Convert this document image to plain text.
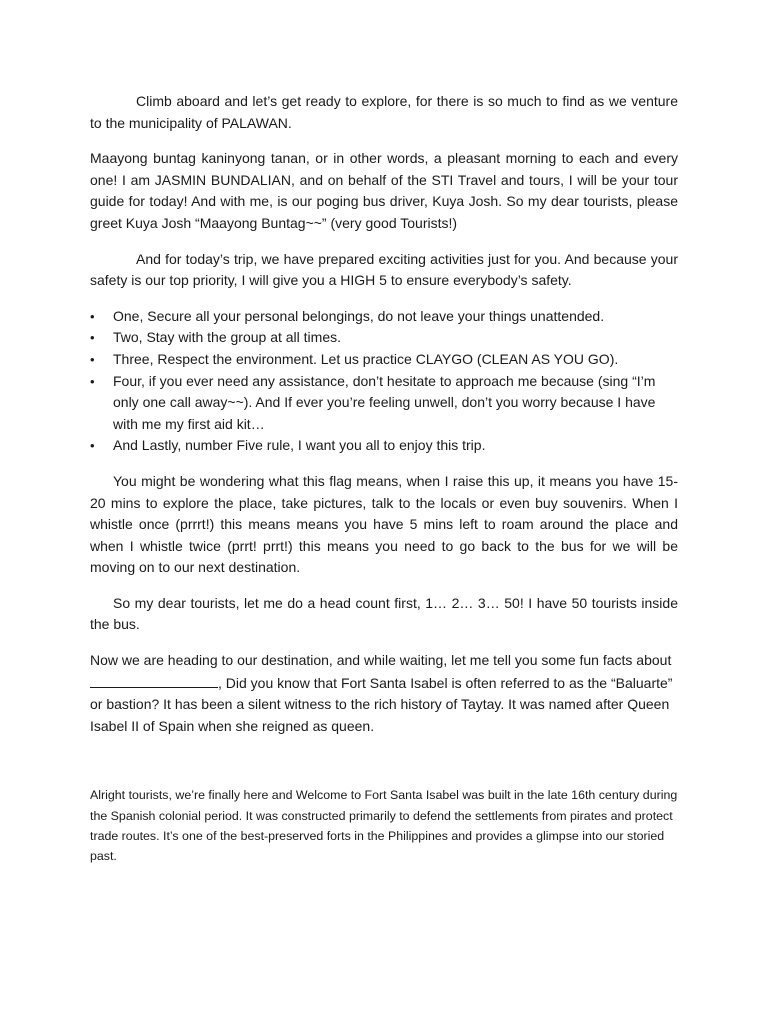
Climb aboard and let’s get ready to explore, for there is so much to find as we venture to the municipality of PALAWAN.

Maayong buntag kaninyong tanan, or in other words, a pleasant morning to each and every one! I am JASMIN BUNDALIAN, and on behalf of the STI Travel and tours, I will be your tour guide for today! And with me, is our poging bus driver, Kuya Josh. So my dear tourists, please greet Kuya Josh “Maayong Buntag~~” (very good Tourists!)

And for today’s trip, we have prepared exciting activities just for you. And because your safety is our top priority, I will give you a HIGH 5 to ensure everybody’s safety.

• One, Secure all your personal belongings, do not leave your things unattended.
• Two, Stay with the group at all times.
• Three, Respect the environment. Let us practice CLAYGO (CLEAN AS YOU GO).
• Four, if you ever need any assistance, don’t hesitate to approach me because (sing “I’m only one call away~~). And If ever you’re feeling unwell, don’t you worry because I have with me my first aid kit…
• And Lastly, number Five rule, I want you all to enjoy this trip.

You might be wondering what this flag means, when I raise this up, it means you have 15-20 mins to explore the place, take pictures, talk to the locals or even buy souvenirs. When I whistle once (prrrt!) this means means you have 5 mins left to roam around the place and when I whistle twice (prrt! prrt!) this means you need to go back to the bus for we will be moving on to our next destination.

So my dear tourists, let me do a head count first, 1… 2… 3… 50! I have 50 tourists inside the bus.

Now we are heading to our destination, and while waiting, let me tell you some fun facts about , Did you know that Fort Santa Isabel is often referred to as the “Baluarte” or bastion? It has been a silent witness to the rich history of Taytay. It was named after Queen Isabel II of Spain when she reigned as queen.

Alright tourists, we’re finally here and Welcome to Fort Santa Isabel was built in the late 16th century during the Spanish colonial period. It was constructed primarily to defend the settlements from pirates and protect trade routes. It’s one of the best-preserved forts in the Philippines and provides a glimpse into our storied past.
